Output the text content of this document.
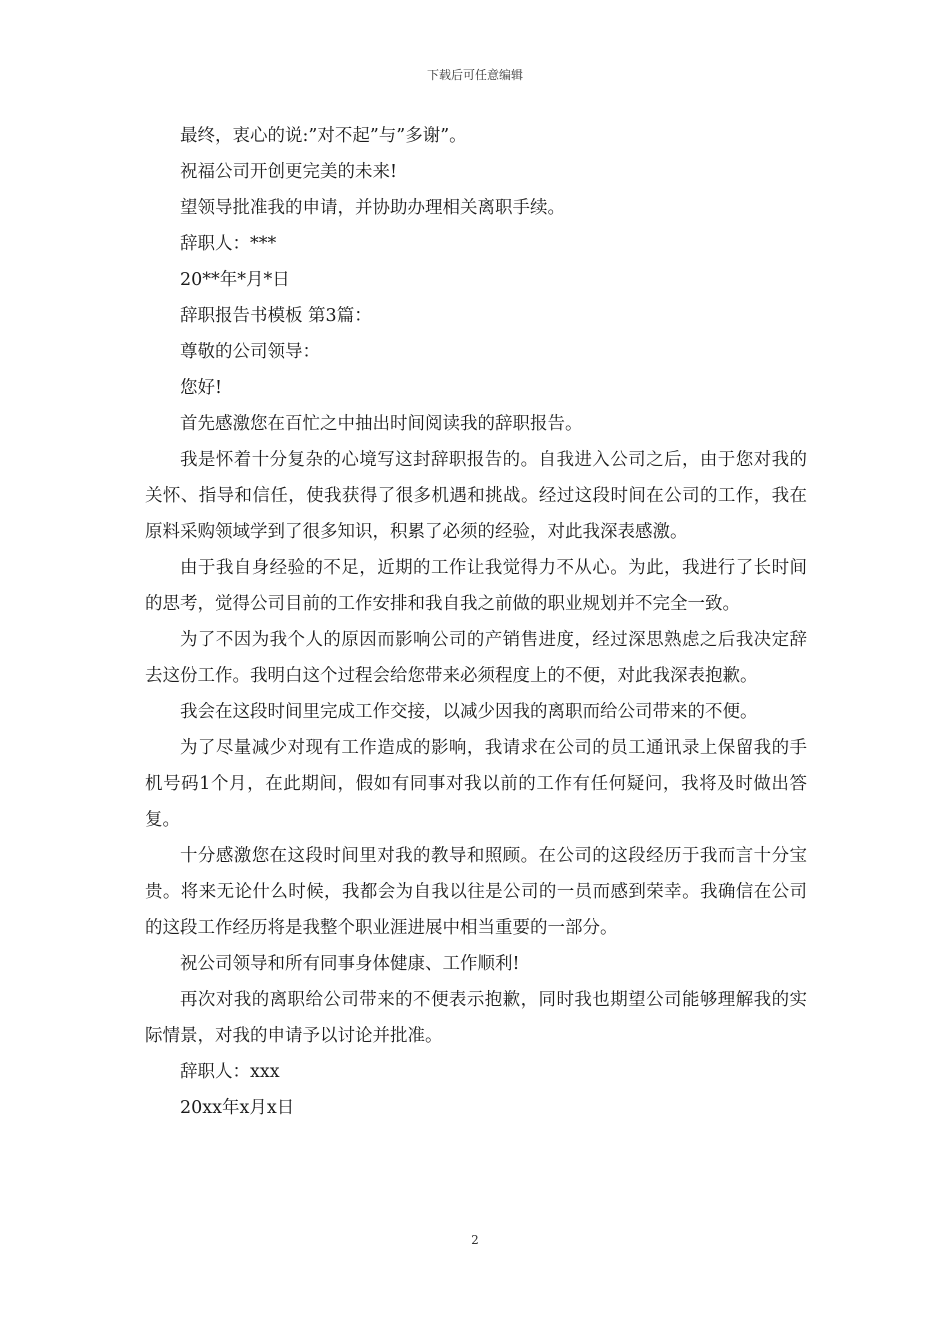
下载后可任意编辑

最终，衷心的说:”对不起”与”多谢”。

祝福公司开创更完美的未来!

望领导批准我的申请，并协助办理相关离职手续。

辞职人：***

20**年*月*日

辞职报告书模板 第3篇：

尊敬的公司领导：

您好!

首先感激您在百忙之中抽出时间阅读我的辞职报告。

我是怀着十分复杂的心境写这封辞职报告的。自我进入公司之后，由于您对我的关怀、指导和信任，使我获得了很多机遇和挑战。经过这段时间在公司的工作，我在原料采购领域学到了很多知识，积累了必须的经验，对此我深表感激。

由于我自身经验的不足，近期的工作让我觉得力不从心。为此，我进行了长时间的思考，觉得公司目前的工作安排和我自我之前做的职业规划并不完全一致。

为了不因为我个人的原因而影响公司的产销售进度，经过深思熟虑之后我决定辞去这份工作。我明白这个过程会给您带来必须程度上的不便，对此我深表抱歉。

我会在这段时间里完成工作交接，以减少因我的离职而给公司带来的不便。

为了尽量减少对现有工作造成的影响，我请求在公司的员工通讯录上保留我的手机号码1个月，在此期间，假如有同事对我以前的工作有任何疑问，我将及时做出答复。

十分感激您在这段时间里对我的教导和照顾。在公司的这段经历于我而言十分宝贵。将来无论什么时候，我都会为自我以往是公司的一员而感到荣幸。我确信在公司的这段工作经历将是我整个职业涯进展中相当重要的一部分。

祝公司领导和所有同事身体健康、工作顺利!

再次对我的离职给公司带来的不便表示抱歉，同时我也期望公司能够理解我的实际情景，对我的申请予以讨论并批准。

辞职人：xxx

20xx年x月x日

2
